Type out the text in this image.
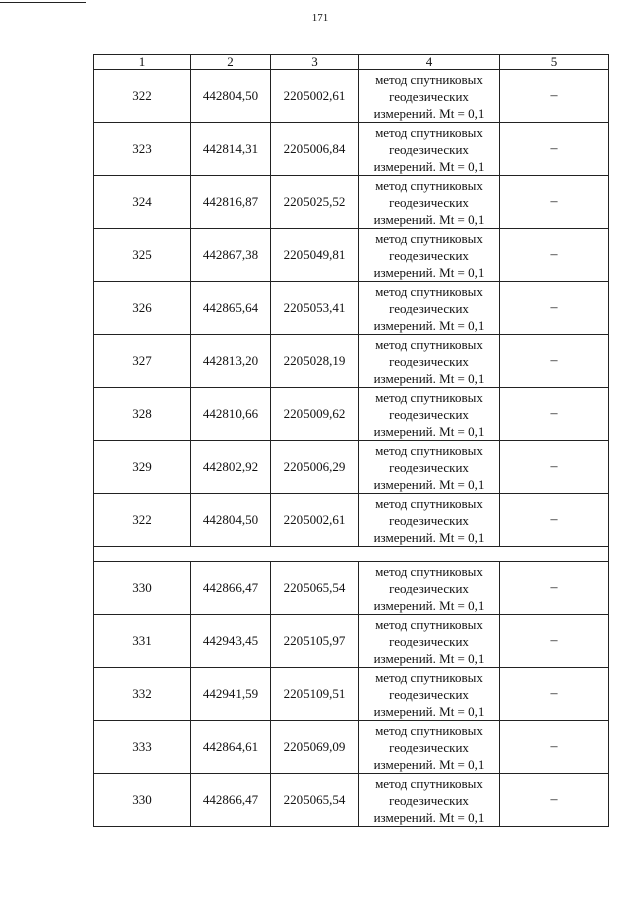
171
1	2	3	4	5
322	442804,50	2205002,61	метод спутниковых
геодезических
измерений. Mt = 0,1	–
323	442814,31	2205006,84	метод спутниковых
геодезических
измерений. Mt = 0,1	–
324	442816,87	2205025,52	метод спутниковых
геодезических
измерений. Mt = 0,1	–
325	442867,38	2205049,81	метод спутниковых
геодезических
измерений. Mt = 0,1	–
326	442865,64	2205053,41	метод спутниковых
геодезических
измерений. Mt = 0,1	–
327	442813,20	2205028,19	метод спутниковых
геодезических
измерений. Mt = 0,1	–
328	442810,66	2205009,62	метод спутниковых
геодезических
измерений. Mt = 0,1	–
329	442802,92	2205006,29	метод спутниковых
геодезических
измерений. Mt = 0,1	–
322	442804,50	2205002,61	метод спутниковых
геодезических
измерений. Mt = 0,1	–

330	442866,47	2205065,54	метод спутниковых
геодезических
измерений. Mt = 0,1	–
331	442943,45	2205105,97	метод спутниковых
геодезических
измерений. Mt = 0,1	–
332	442941,59	2205109,51	метод спутниковых
геодезических
измерений. Mt = 0,1	–
333	442864,61	2205069,09	метод спутниковых
геодезических
измерений. Mt = 0,1	–
330	442866,47	2205065,54	метод спутниковых
геодезических
измерений. Mt = 0,1	–
